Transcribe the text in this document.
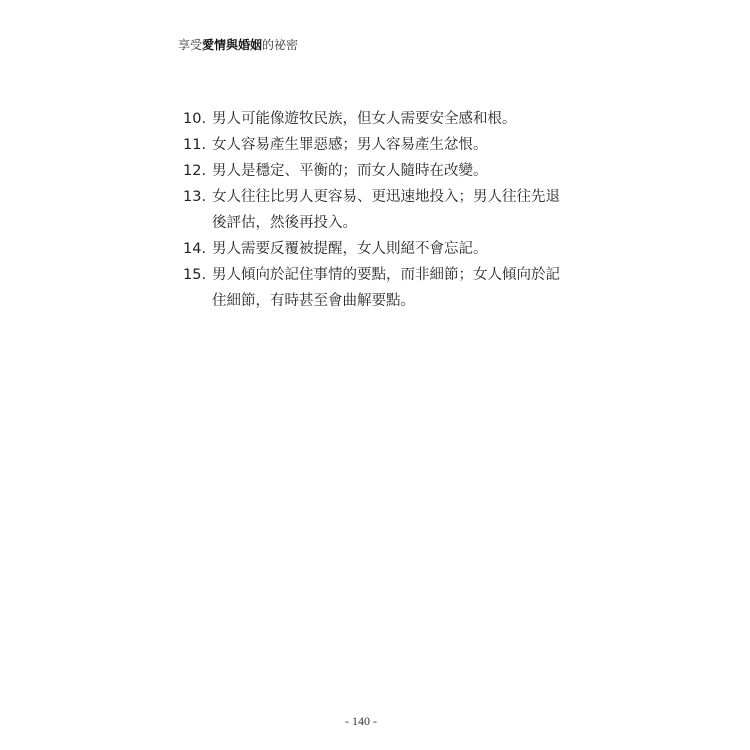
享受愛情與婚姻的祕密
10. 男人可能像遊牧民族，但女人需要安全感和根。
11. 女人容易產生罪惡感；男人容易產生忿恨。
12. 男人是穩定、平衡的；而女人隨時在改變。
13. 女人往往比男人更容易、更迅速地投入；男人往往先退
後評估，然後再投入。
14. 男人需要反覆被提醒，女人則絕不會忘記。
15. 男人傾向於記住事情的要點，而非細節；女人傾向於記
住細節，有時甚至會曲解要點。
- 140 -
